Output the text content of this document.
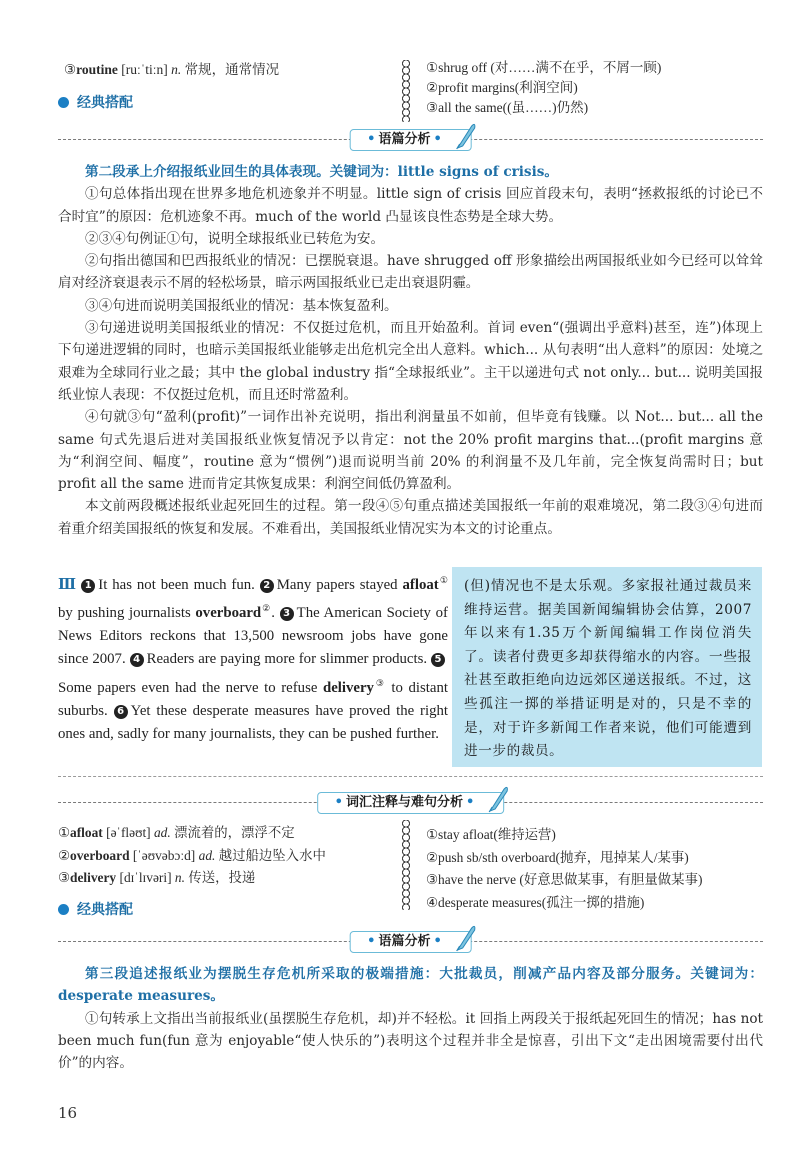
③routine [ruːˈtiːn] n. 常规，通常情况
经典搭配
①shrug off (对……满不在乎，不屑一顾)
②profit margins(利润空间)
③all the same((虽……)仍然)
• 语篇分析 •

第二段承上介绍报纸业回生的具体表现。关键词为：little signs of crisis。

①句总体指出现在世界多地危机迹象并不明显。little sign of crisis 回应首段末句，表明“拯救报纸的讨论已不合时宜”的原因：危机迹象不再。much of the world 凸显该良性态势是全球大势。

②③④句例证①句，说明全球报纸业已转危为安。

②句指出德国和巴西报纸业的情况：已摆脱衰退。have shrugged off 形象描绘出两国报纸业如今已经可以耸耸肩对经济衰退表示不屑的轻松场景，暗示两国报纸业已走出衰退阴霾。

③④句进而说明美国报纸业的情况：基本恢复盈利。

③句递进说明美国报纸业的情况：不仅挺过危机，而且开始盈利。首词 even“(强调出乎意料)甚至，连”)体现上下句递进逻辑的同时，也暗示美国报纸业能够走出危机完全出人意料。which... 从句表明“出人意料”的原因：处境之艰难为全球同行业之最；其中 the global industry 指“全球报纸业”。主干以递进句式 not only... but... 说明美国报纸业惊人表现：不仅挺过危机，而且还时常盈利。

④句就③句“盈利(profit)”一词作出补充说明，指出利润量虽不如前，但毕竟有钱赚。以 Not... but... all the same 句式先退后进对美国报纸业恢复情况予以肯定：not the 20% profit margins that...(profit margins 意为“利润空间、幅度”，routine 意为“惯例”)退而说明当前 20% 的利润量不及几年前，完全恢复尚需时日；but profit all the same 进而肯定其恢复成果：利润空间低仍算盈利。

本文前两段概述报纸业起死回生的过程。第一段④⑤句重点描述美国报纸一年前的艰难境况，第二段③④句进而着重介绍美国报纸的恢复和发展。不难看出，美国报纸业情况实为本文的讨论重点。

Ⅲ 1 It has not been much fun. 2 Many papers stayed afloat① by pushing journalists overboard②. 3 The American Society of News Editors reckons that 13,500 newsroom jobs have gone since 2007. 4 Readers are paying more for slimmer products. 5Some papers even had the nerve to refuse delivery③ to distant suburbs. 6 Yet these desperate measures have proved the right ones and, sadly for many journalists, they can be pushed further.
(但)情况也不是太乐观。多家报社通过裁员来维持运营。据美国新闻编辑协会估算，2007年以来有1.35万个新闻编辑工作岗位消失了。读者付费更多却获得缩水的内容。一些报社甚至敢拒绝向边远郊区递送报纸。不过，这些孤注一掷的举措证明是对的，只是不幸的是，对于许多新闻工作者来说，他们可能遭到进一步的裁员。
• 词汇注释与难句分析 •
①afloat [əˈfləʊt] ad. 漂流着的，漂浮不定
②overboard [ˈəʊvəbɔːd] ad. 越过船边坠入水中
③delivery [dɪˈlɪvəri] n. 传送，投递
经典搭配
①stay afloat(维持运营)
②push sb/sth overboard(抛弃，甩掉某人/某事)
③have the nerve (好意思做某事，有胆量做某事)
④desperate measures(孤注一掷的措施)
• 语篇分析 •

第三段追述报纸业为摆脱生存危机所采取的极端措施：大批裁员，削减产品内容及部分服务。关键词为：desperate measures。

①句转承上文指出当前报纸业(虽摆脱生存危机，却)并不轻松。it 回指上两段关于报纸起死回生的情况；has not been much fun(fun 意为 enjoyable“使人快乐的”)表明这个过程并非全是惊喜，引出下文“走出困境需要付出代价”的内容。

16
